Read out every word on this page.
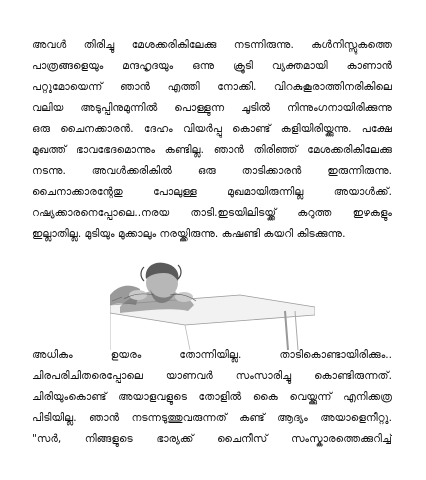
അവൾ തിരിച്ചു മേശക്കരികിലേക്കു നടന്നിരുന്നു. കൾനിസ്സുകത്തെ
പാത്രങ്ങളെയും മന്ദഹൃദയും ഒന്നു ക്രൂടി വ്യക്തമായി കാണാൻ
പറ്റുമോയെന്ന് ഞാൻ എത്തി നോക്കി. വിറകുകൂരാത്തിനരികിലെ
വലിയ അടുപ്പിനുമുന്നിൽ പൊള്ളുന്ന ചൂടിൽ നിന്നുംഗനായിരിക്കുന്നു
ഒരു ചൈനക്കാരൻ. ദേഹം വിയർപ്പു കൊണ്ട് കളിയിരിയ്ക്കുന്നു. പക്ഷേ
മുഖത്ത് ഭാവഭേദമൊന്നും കണ്ടില്ല. ഞാൻ തിരിഞ്ഞ് മേശക്കരികിലേക്കു
നടന്നു. അവൾക്കരികിൽ ഒരു താടിക്കാരൻ ഇരുന്നിരുന്നു.
ചൈനാക്കാരന്റേതു പോലുള്ള മുഖമായിരുന്നില്ല അയാൾക്ക്.
റഷ്യക്കാരനെപ്പോലെ..നരയ താടി.ഇടയിലിടയ്ക്ക് കറുത്ത ഇഴകളും
ഇല്ലാതില്ല. മുടിയും മുക്കാലും നരയ്ക്കിരുന്നു. കഷണ്ടി കയറി കിടക്കുന്നു.
അധികം ഉയരം തോന്നിയില്ല. താടികൊണ്ടായിരിക്കും..
ചിരപരിചിതരെപ്പോലെ യാണവർ സംസാരിച്ചു കൊണ്ടിരുന്നത്.
ചിരിയുംകൊണ്ട് അയാളവളുടെ തോളിൽ കൈ വെയ്ക്കുന്ന് എനിക്കത്ര
പിടിയില്ല. ഞാൻ നടന്നടുത്തുവരുന്നത് കണ്ട് ആദ്യം അയാളെനീറ്റു.
"സർ, നിങ്ങളുടെ ഭാര്യക്ക് ചൈനീസ് സംസ്കാരത്തെക്കുറിച്ച്
